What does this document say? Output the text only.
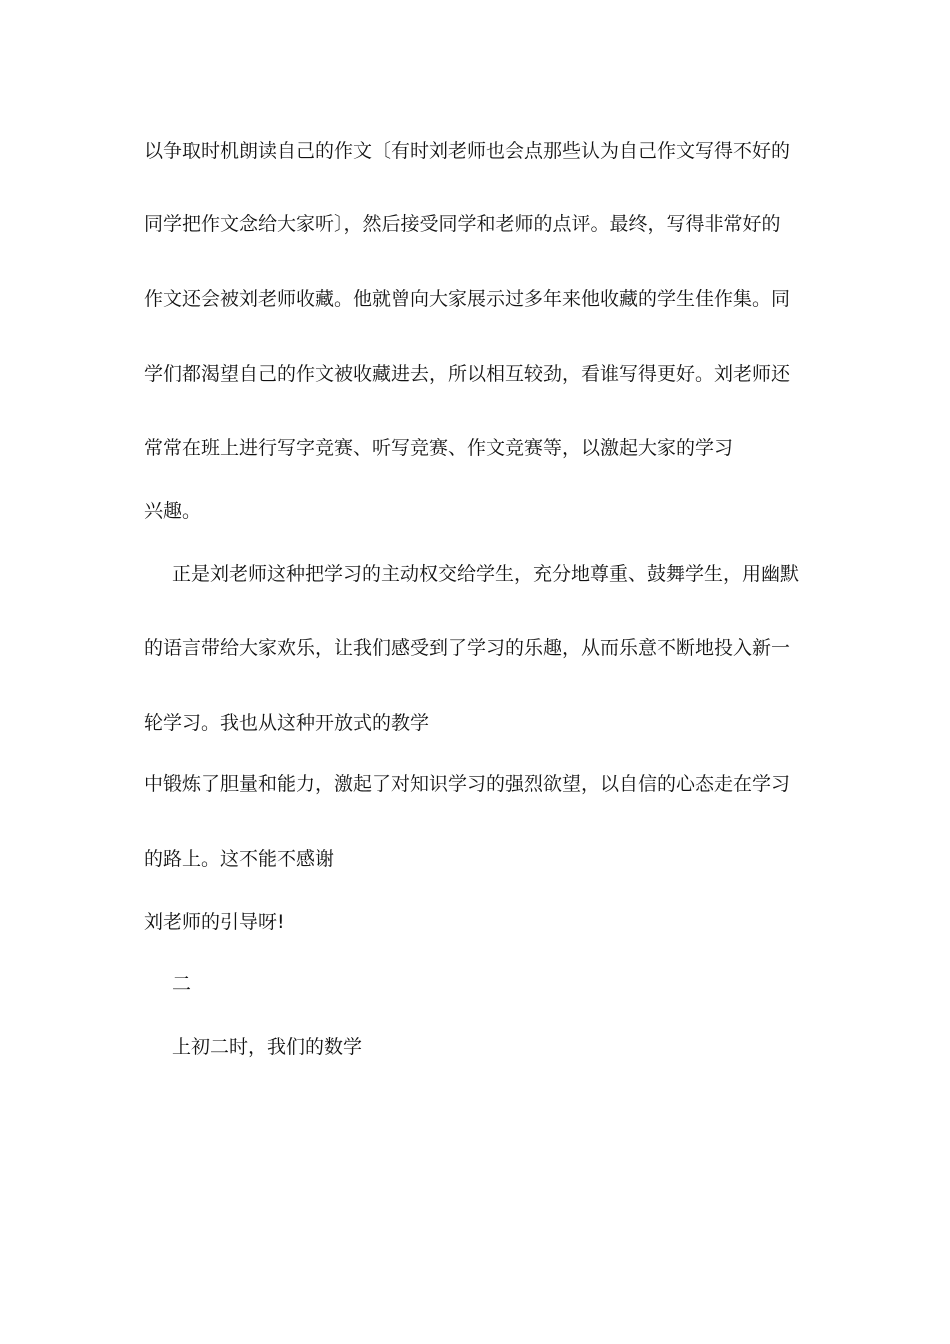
以争取时机朗读自己的作文〔有时刘老师也会点那些认为自己作文写得不好的
同学把作文念给大家听〕，然后接受同学和老师的点评。最终，写得非常好的
作文还会被刘老师收藏。他就曾向大家展示过多年来他收藏的学生佳作集。同
学们都渴望自己的作文被收藏进去，所以相互较劲，看谁写得更好。刘老师还
常常在班上进行写字竞赛、听写竞赛、作文竞赛等，以激起大家的学习
兴趣。
正是刘老师这种把学习的主动权交给学生，充分地尊重、鼓舞学生，用幽默
的语言带给大家欢乐，让我们感受到了学习的乐趣，从而乐意不断地投入新一
轮学习。我也从这种开放式的教学
中锻炼了胆量和能力，激起了对知识学习的强烈欲望，以自信的心态走在学习
的路上。这不能不感谢
刘老师的引导呀!
二
上初二时，我们的数学
